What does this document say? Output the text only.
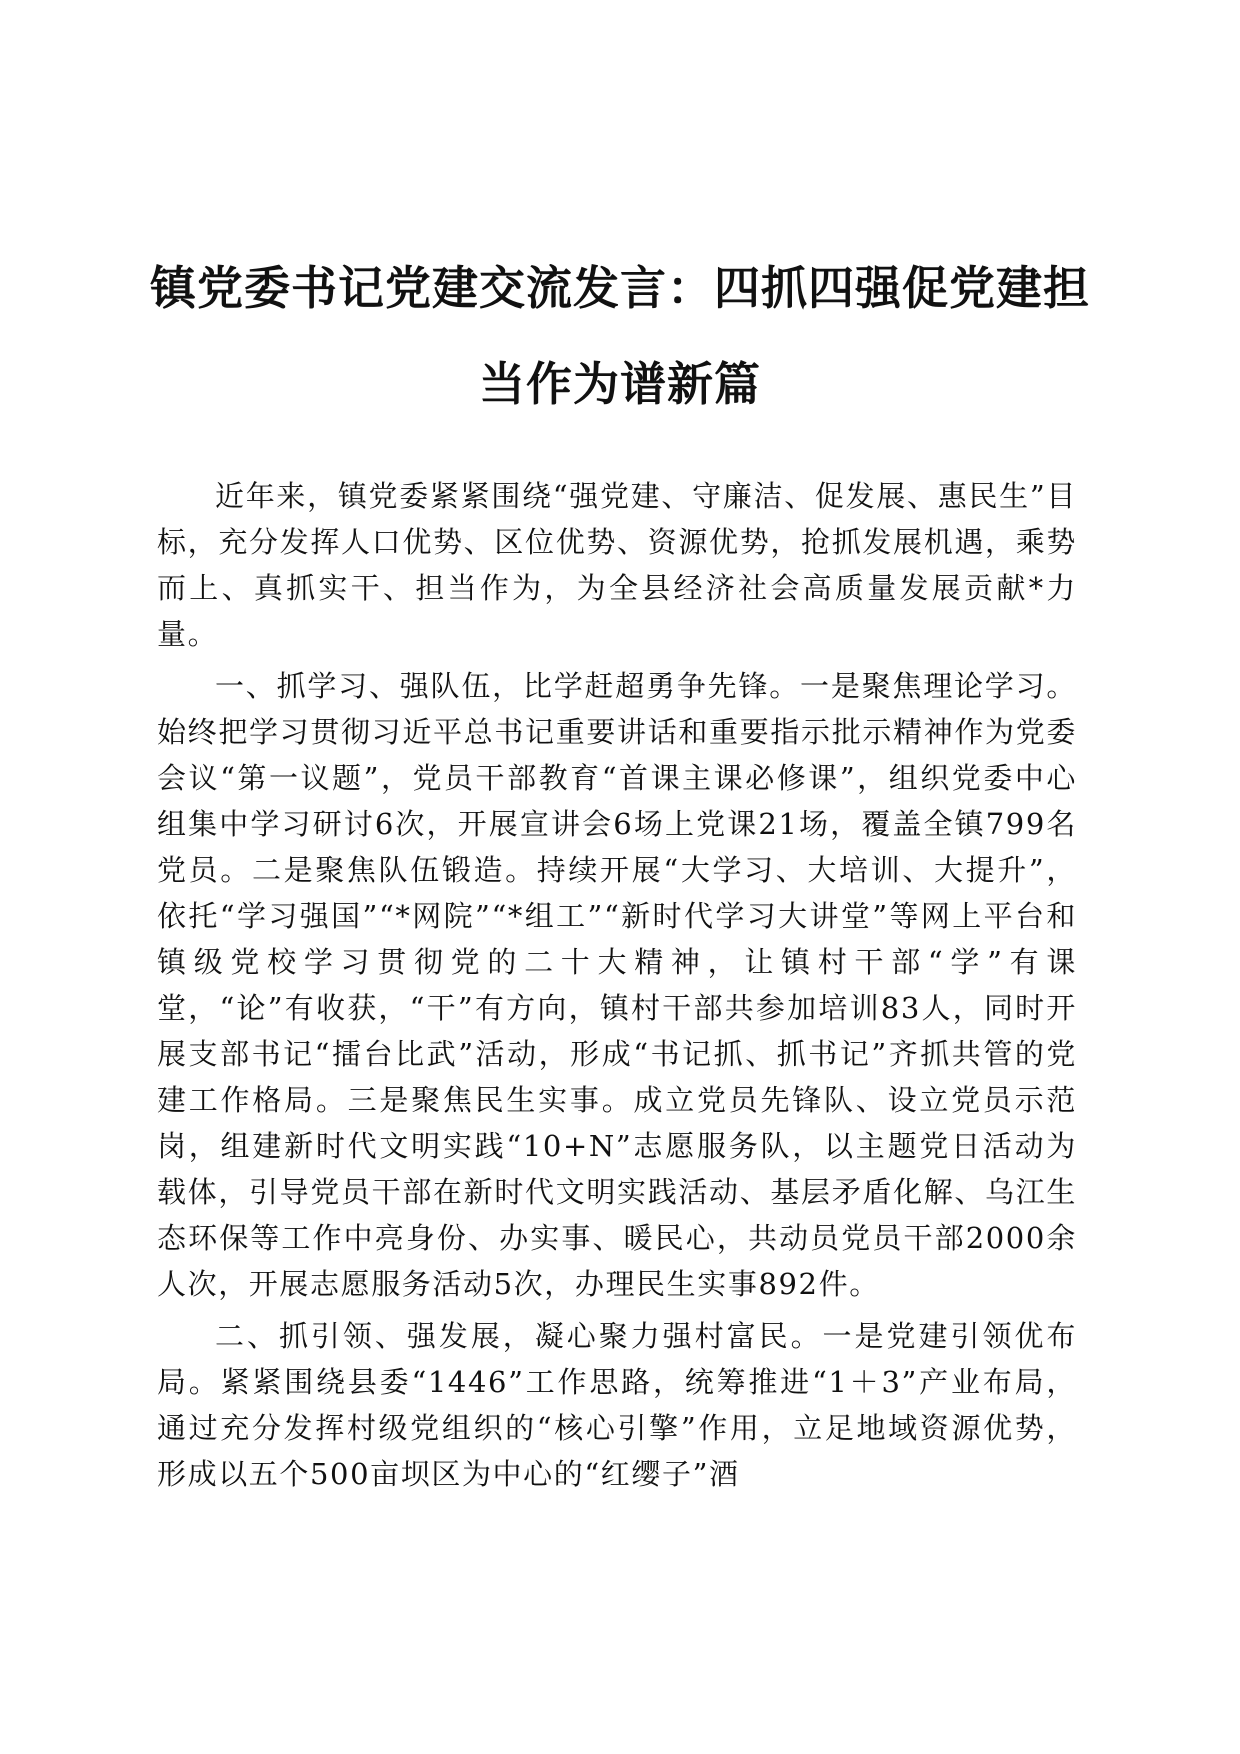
镇党委书记党建交流发言：四抓四强促党建担
当作为谱新篇

近年来，镇党委紧紧围绕“强党建、守廉洁、促发展、惠民生”目标，充分发挥人口优势、区位优势、资源优势，抢抓发展机遇，乘势而上、真抓实干、担当作为，为全县经济社会高质量发展贡献*力量。

一、抓学习、强队伍，比学赶超勇争先锋。一是聚焦理论学习。始终把学习贯彻习近平总书记重要讲话和重要指示批示精神作为党委会议“第一议题”，党员干部教育“首课主课必修课”，组织党委中心组集中学习研讨6次，开展宣讲会6场上党课21场，覆盖全镇799名党员。二是聚焦队伍锻造。持续开展“大学习、大培训、大提升”，依托“学习强国”“*网院”“*组工”“新时代学习大讲堂”等网上平台和镇级党校学习贯彻党的二十大精神，让镇村干部“学”有课堂，“论”有收获，“干”有方向，镇村干部共参加培训83人，同时开展支部书记“擂台比武”活动，形成“书记抓、抓书记”齐抓共管的党建工作格局。三是聚焦民生实事。成立党员先锋队、设立党员示范岗，组建新时代文明实践“10+N”志愿服务队，以主题党日活动为载体，引导党员干部在新时代文明实践活动、基层矛盾化解、乌江生态环保等工作中亮身份、办实事、暖民心，共动员党员干部2000余人次，开展志愿服务活动5次，办理民生实事892件。

二、抓引领、强发展，凝心聚力强村富民。一是党建引领优布局。紧紧围绕县委“1446”工作思路，统筹推进“1＋3”产业布局，通过充分发挥村级党组织的“核心引擎”作用，立足地域资源优势，形成以五个500亩坝区为中心的“红缨子”酒
